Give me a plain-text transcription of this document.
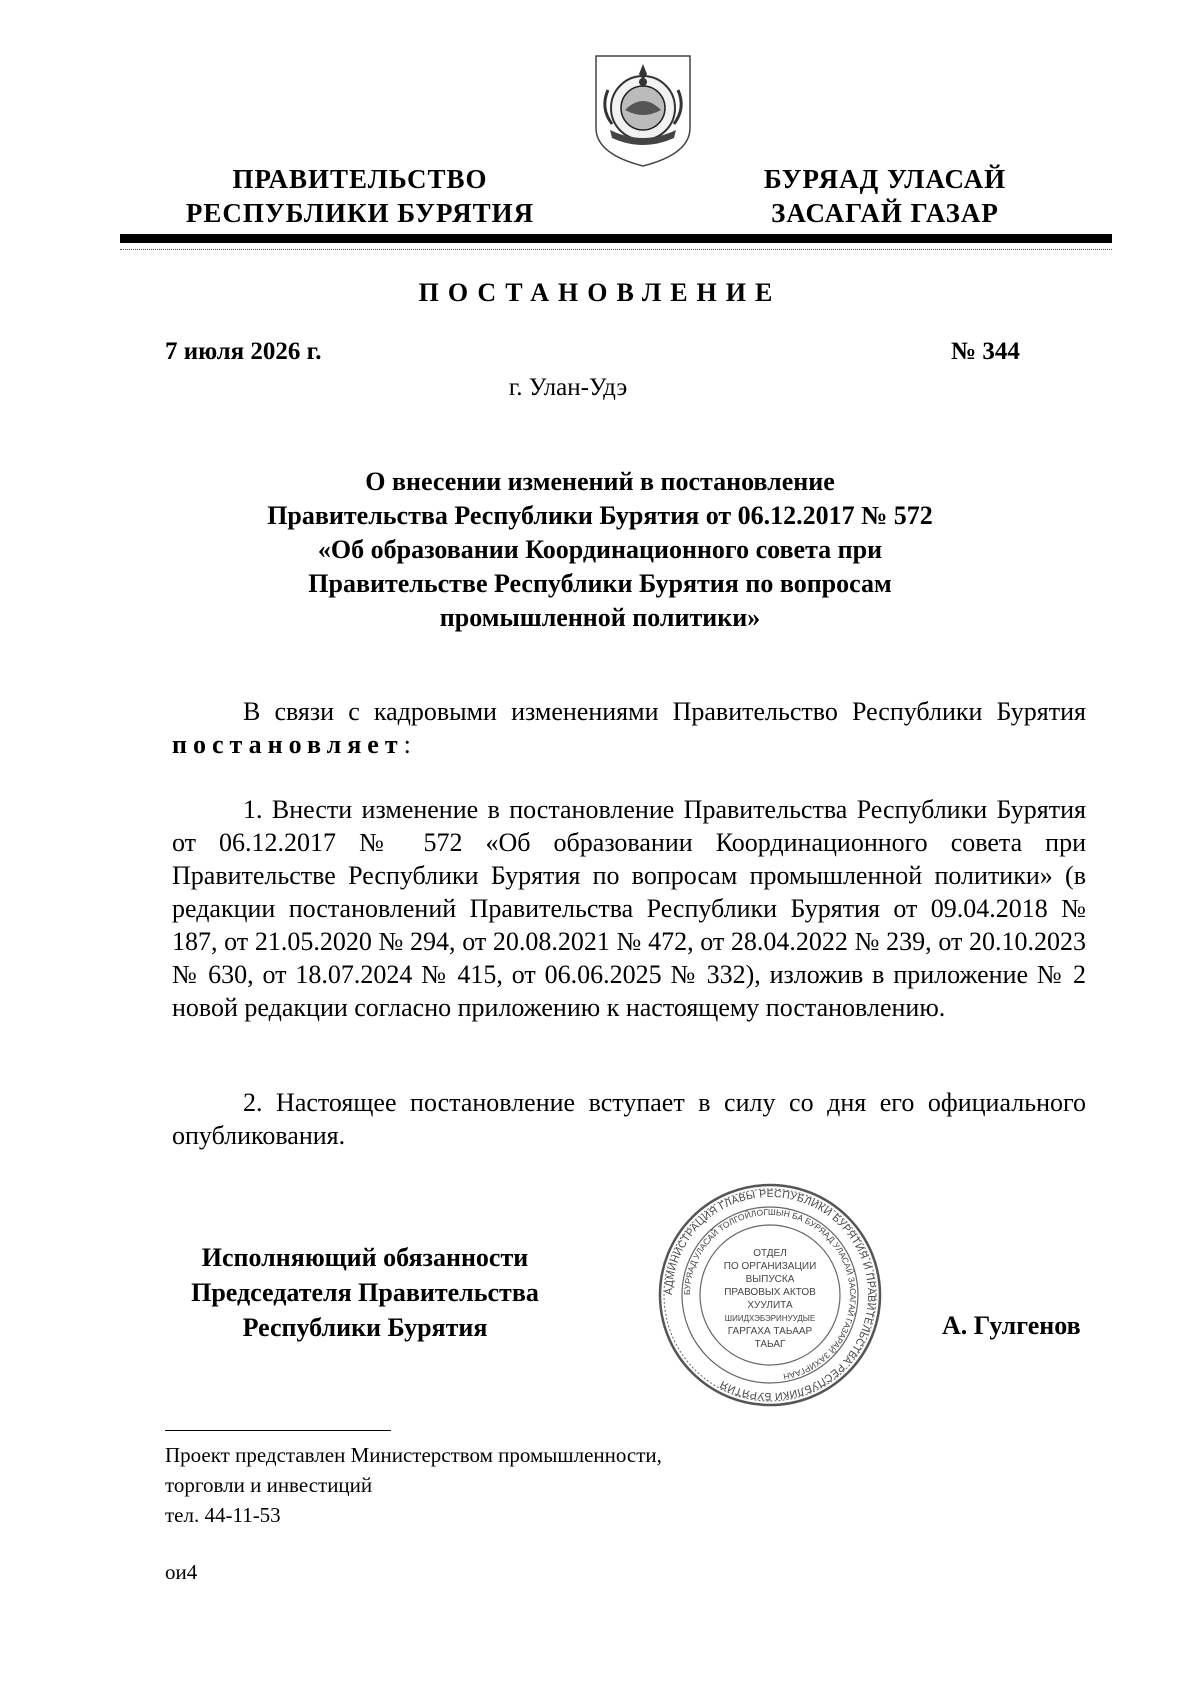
ПРАВИТЕЛЬСТВО
РЕСПУБЛИКИ БУРЯТИЯ
БУРЯАД УЛАСАЙ
ЗАСАГАЙ ГАЗАР
ПОСТАНОВЛЕНИЕ
7 июля 2026 г.	№ 344
г. Улан-Удэ
О внесении изменений в постановление
Правительства Республики Бурятия от 06.12.2017 № 572
«Об образовании Координационного совета при
Правительстве Республики Бурятия по вопросам
промышленной политики»
В связи с кадровыми изменениями Правительство Республики Бурятия постановляет:
1. Внести изменение в постановление Правительства Республики Бурятия от 06.12.2017 № 572 «Об образовании Координационного совета при Правительстве Республики Бурятия по вопросам промышленной политики» (в редакции постановлений Правительства Республики Бурятия от 09.04.2018 № 187, от 21.05.2020 № 294, от 20.08.2021 № 472, от 28.04.2022 № 239, от 20.10.2023 № 630, от 18.07.2024 № 415, от 06.06.2025 № 332), изложив в приложение № 2 новой редакции согласно приложению к настоящему постановлению.
2. Настоящее постановление вступает в силу со дня его официального опубликования.
Исполняющий обязанности
Председателя Правительства
Республики Бурятия
АДМИНИСТРАЦИЯ ГЛАВЫ РЕСПУБЛИКИ БУРЯТИЯ И ПРАВИТЕЛЬСТВА РЕСПУБЛИКИ БУРЯТИЯ
БУРЯАД УЛАСАЙ ТОЛГОЙЛОГШЫН БА БУРЯАД УЛАСАЙ ЗАСАГАЙ ГАЗАРАЙ ЗАХИРГААН
ОТДЕЛ
ПО ОРГАНИЗАЦИИ
ВЫПУСКА
ПРАВОВЫХ АКТОВ
ХУУЛИТА
ШИИДХЭБЭРИНУУДЫЕ
ГАРГАХА ТАЬААР
ТАЬАГ
А. Гулгенов
Проект представлен Министерством промышленности,
торговли и инвестиций
тел. 44-11-53
ои4
